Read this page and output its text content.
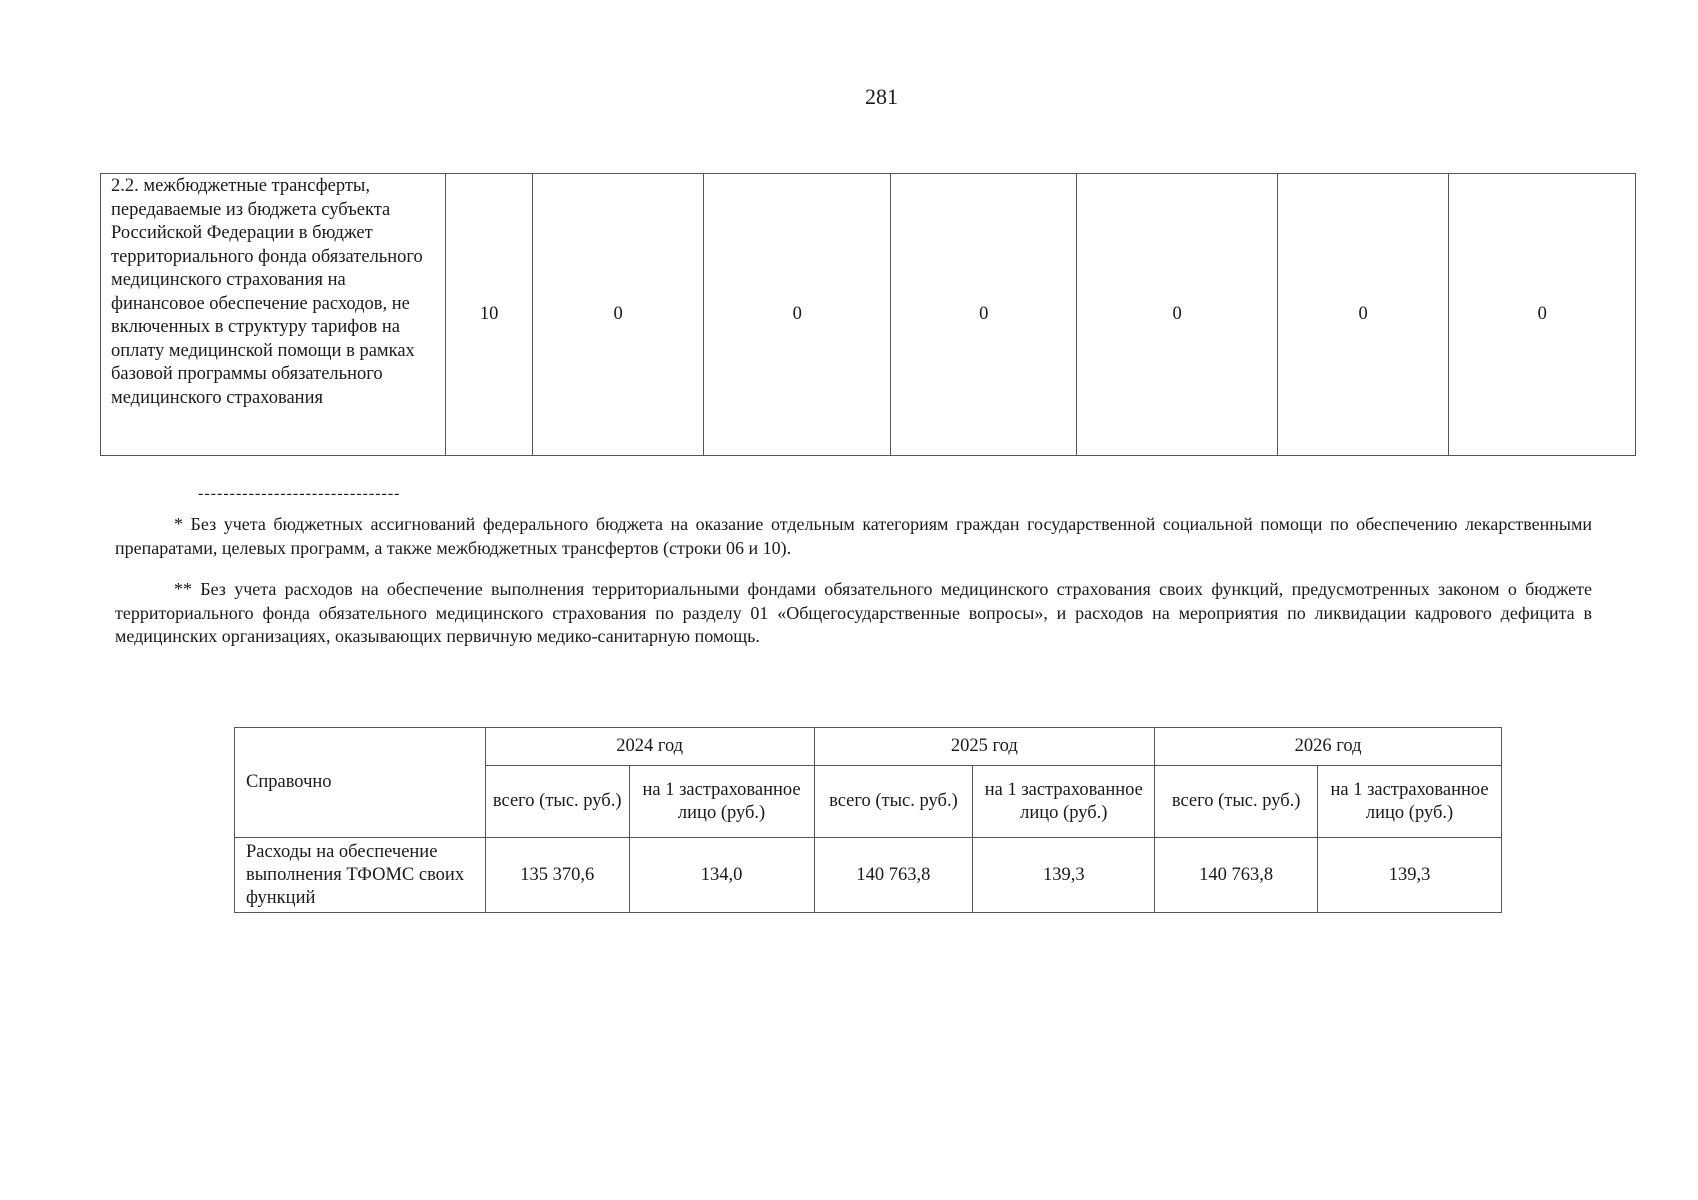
281
2.2. межбюджетные трансферты, передаваемые из бюджета субъекта Российской Федерации в бюджет территориального фонда обязательного медицинского страхования на финансовое обеспечение расходов, не включенных в структуру тарифов на оплату медицинской помощи в рамках базовой программы обязательного медицинского страхования	10	0	0	0	0	0	0
--------------------------------

* Без учета бюджетных ассигнований федерального бюджета на оказание отдельным категориям граждан государственной социальной помощи по обеспечению лекарственными препаратами, целевых программ, а также межбюджетных трансфертов (строки 06 и 10).

** Без учета расходов на обеспечение выполнения территориальными фондами обязательного медицинского страхования своих функций, предусмотренных законом о бюджете территориального фонда обязательного медицинского страхования по разделу 01 «Общегосударственные вопросы», и расходов на мероприятия по ликвидации кадрового дефицита в медицинских организациях, оказывающих первичную медико-санитарную помощь.

Справочно	2024 год		2025 год		2026 год	
	всего (тыс. руб.)	на 1 застрахованное лицо (руб.)	всего (тыс. руб.)	на 1 застрахованное лицо (руб.)	всего (тыс. руб.)	на 1 застрахованное лицо (руб.)
Расходы на обеспечение выполнения ТФОМС своих функций	135 370,6	134,0	140 763,8	139,3	140 763,8	139,3
